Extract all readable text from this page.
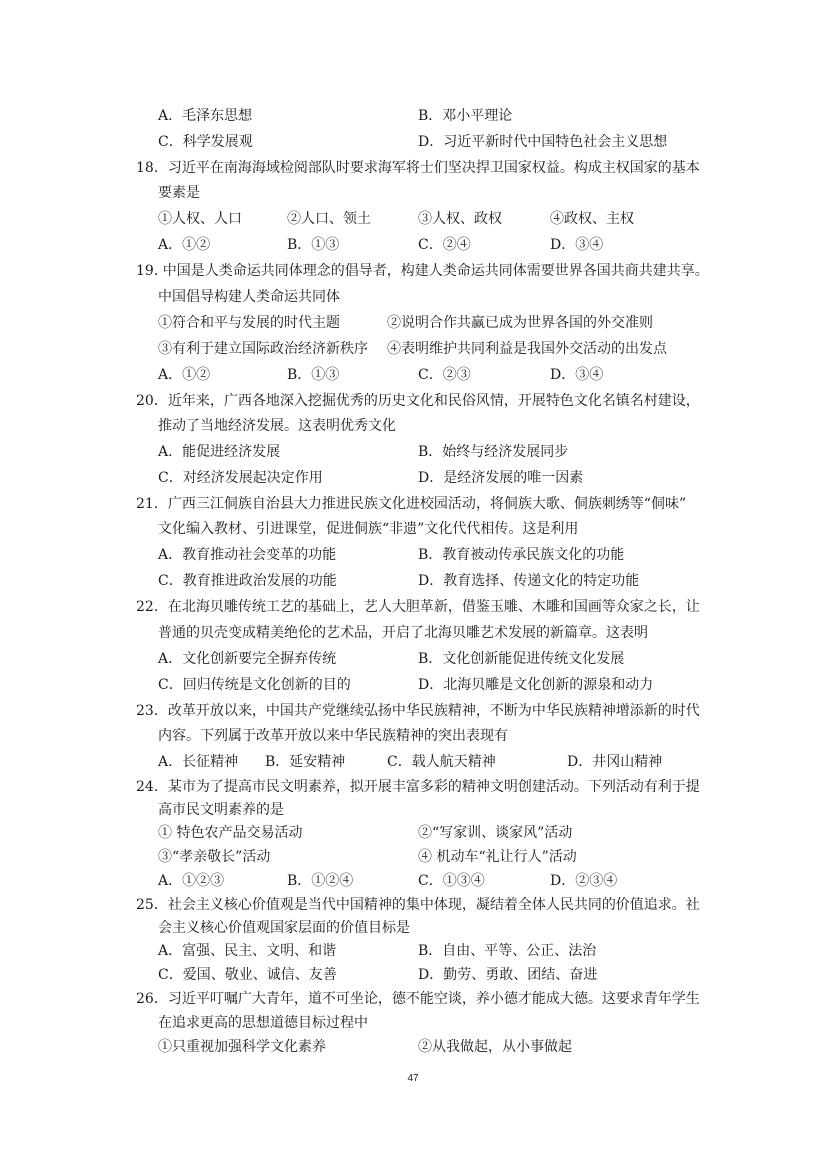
A．毛泽东思想	B．邓小平理论
C．科学发展观	D．习近平新时代中国特色社会主义思想
18．习近平在南海海域检阅部队时要求海军将士们坚决捍卫国家权益。构成主权国家的基本
要素是
①人权、人口	②人口、领土	③人权、政权	④政权、主权
A．①②	B．①③	C．②④	D．③④
19. 中国是人类命运共同体理念的倡导者，构建人类命运共同体需要世界各国共商共建共享。
中国倡导构建人类命运共同体
①符合和平与发展的时代主题	②说明合作共赢已成为世界各国的外交准则
③有利于建立国际政治经济新秩序 ④表明维护共同利益是我国外交活动的出发点
A．①②	B．①③	C．②③	D．③④
20．近年来，广西各地深入挖掘优秀的历史文化和民俗风情，开展特色文化名镇名村建设，
推动了当地经济发展。这表明优秀文化
A．能促进经济发展	B．始终与经济发展同步
C．对经济发展起决定作用	D．是经济发展的唯一因素
21．广西三江侗族自治县大力推进民族文化进校园活动，将侗族大歌、侗族刺绣等“侗味”
文化编入教材、引进课堂，促进侗族“非遗”文化代代相传。这是利用
A．教育推动社会变革的功能	B．教育被动传承民族文化的功能
C．教育推进政治发展的功能	D．教育选择、传递文化的特定功能
22．在北海贝雕传统工艺的基础上，艺人大胆革新，借鉴玉雕、木雕和国画等众家之长，让
普通的贝壳变成精美绝伦的艺术品，开启了北海贝雕艺术发展的新篇章。这表明
A．文化创新要完全摒弃传统	B．文化创新能促进传统文化发展
C．回归传统是文化创新的目的	D．北海贝雕是文化创新的源泉和动力
23．改革开放以来，中国共产党继续弘扬中华民族精神，不断为中华民族精神增添新的时代
内容。下列属于改革开放以来中华民族精神的突出表现有
A．长征精神 B．延安精神	C．载人航天精神	D．井冈山精神
24．某市为了提高市民文明素养，拟开展丰富多彩的精神文明创建活动。下列活动有利于提
高市民文明素养的是
① 特色农产品交易活动	②“写家训、谈家风”活动
③“孝亲敬长”活动	④ 机动车“礼让行人”活动
A．①②③	B．①②④	C．①③④	D．②③④
25．社会主义核心价值观是当代中国精神的集中体现，凝结着全体人民共同的价值追求。社
会主义核心价值观国家层面的价值目标是
A．富强、民主、文明、和谐	B．自由、平等、公正、法治
C．爱国、敬业、诚信、友善	D．勤劳、勇敢、团结、奋进
26．习近平叮嘱广大青年，道不可坐论，德不能空谈，养小德才能成大德。这要求青年学生
在追求更高的思想道德目标过程中
①只重视加强科学文化素养	②从我做起，从小事做起
47
